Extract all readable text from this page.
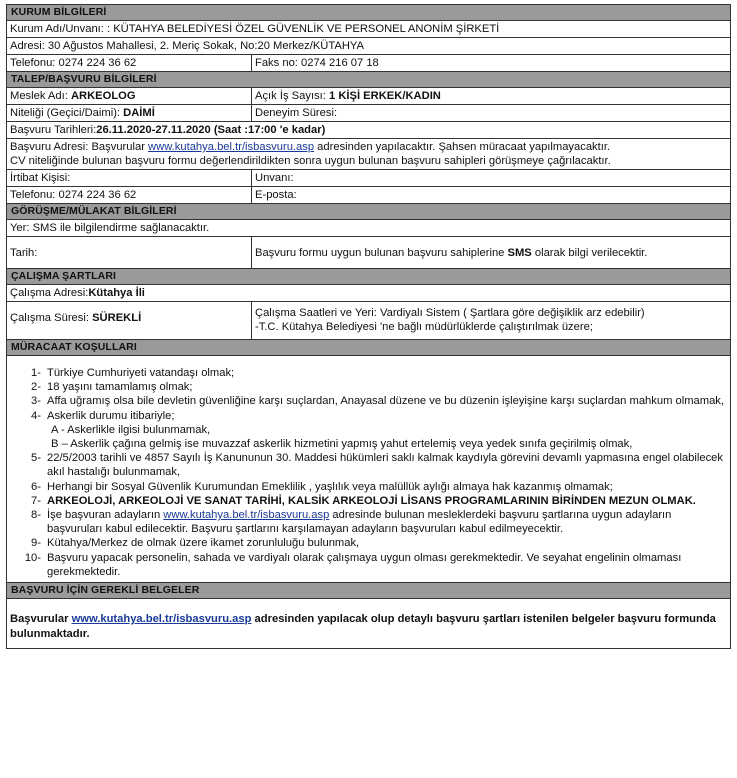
KURUM BİLGİLERİ
Kurum Adı/Unvanı: : KÜTAHYA BELEDİYESİ ÖZEL GÜVENLİK VE PERSONEL ANONİM ŞİRKETİ
Adresi: 30 Ağustos Mahallesi, 2. Meriç Sokak, No:20 Merkez/KÜTAHYA
Telefonu: 0274 224 36 62	Faks no: 0274 216 07 18
TALEP/BAŞVURU BİLGİLERİ
Meslek Adı: ARKEOLOG	Açık İş Sayısı: 1 KİŞİ ERKEK/KADIN
Niteliği (Geçici/Daimi): DAİMİ	Deneyim Süresi:
Başvuru Tarihleri:26.11.2020-27.11.2020 (Saat :17:00 'e kadar)
Başvuru Adresi: Başvurular www.kutahya.bel.tr/isbasvuru.asp adresinden yapılacaktır. Şahsen müracaat yapılmayacaktır.
CV niteliğinde bulunan başvuru formu değerlendirildikten sonra uygun bulunan başvuru sahipleri görüşmeye çağrılacaktır.
İrtibat Kişisi:	Unvanı:
Telefonu: 0274 224 36 62	E-posta:
GÖRÜŞME/MÜLAKAT BİLGİLERİ
Yer: SMS ile bilgilendirme sağlanacaktır.
Tarih:	Başvuru formu uygun bulunan başvuru sahiplerine SMS olarak bilgi verilecektir.
ÇALIŞMA ŞARTLARI
Çalışma Adresi:Kütahya İli
Çalışma Süresi: SÜREKLİ	Çalışma Saatleri ve Yeri: Vardiyalı Sistem ( Şartlara göre değişiklik arz edebilir)
-T.C. Kütahya Belediyesi 'ne bağlı müdürlüklerde çalıştırılmak üzere;
MÜRACAAT KOŞULLARI
1- Türkiye Cumhuriyeti vatandaşı olmak;
2- 18 yaşını tamamlamış olmak;
3- Affa uğramış olsa bile devletin güvenliğine karşı suçlardan, Anayasal düzene ve bu düzenin işleyişine karşı suçlardan mahkum olmamak,
4- Askerlik durumu itibariyle;
A - Askerlikle ilgisi bulunmamak,
B – Askerlik çağına gelmiş ise muvazzaf askerlik hizmetini yapmış yahut ertelemiş veya yedek sınıfa geçirilmiş olmak,
5- 22/5/2003 tarihli ve 4857 Sayılı İş Kanununun 30. Maddesi hükümleri saklı kalmak kaydıyla görevini devamlı yapmasına engel olabilecek akıl hastalığı bulunmamak,
6- Herhangi bir Sosyal Güvenlik Kurumundan Emeklilik , yaşlılık veya malüllük aylığı almaya hak kazanmış olmamak;
7- ARKEOLOJİ, ARKEOLOJİ VE SANAT TARİHİ, KALSİK ARKEOLOJİ LİSANS PROGRAMLARININ BİRİNDEN MEZUN OLMAK.
8- İşe başvuran adayların www.kutahya.bel.tr/isbasvuru.asp adresinde bulunan mesleklerdeki başvuru şartlarına uygun adayların başvuruları kabul edilecektir. Başvuru şartlarını karşılamayan adayların başvuruları kabul edilmeyecektir.
9- Kütahya/Merkez de olmak üzere ikamet zorunluluğu bulunmak,
10- Başvuru yapacak personelin, sahada ve vardiyalı olarak çalışmaya uygun olması gerekmektedir. Ve seyahat engelinin olmaması gerekmektedir.
BAŞVURU İÇİN GEREKLİ BELGELER
Başvurular www.kutahya.bel.tr/isbasvuru.asp adresinden yapılacak olup detaylı başvuru şartları istenilen belgeler başvuru formunda bulunmaktadır.
